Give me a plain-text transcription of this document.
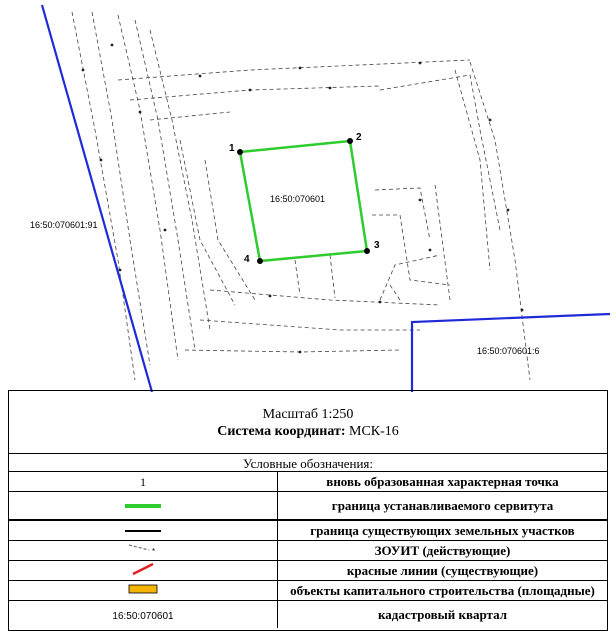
1
2
3
4
16:50:070601
16:50:070601:91
16:50:070601:6
Масштаб 1:250
Система координат: МСК-16
Условные обозначения:
1	вновь образованная характерная точка
	граница устанавливаемого сервитута
	граница существующих земельных участков

*	ЗОУИТ (действующие)
	красные линии (существующие)
	объекты капитального строительства (площадные)
16:50:070601	кадастровый квартал
